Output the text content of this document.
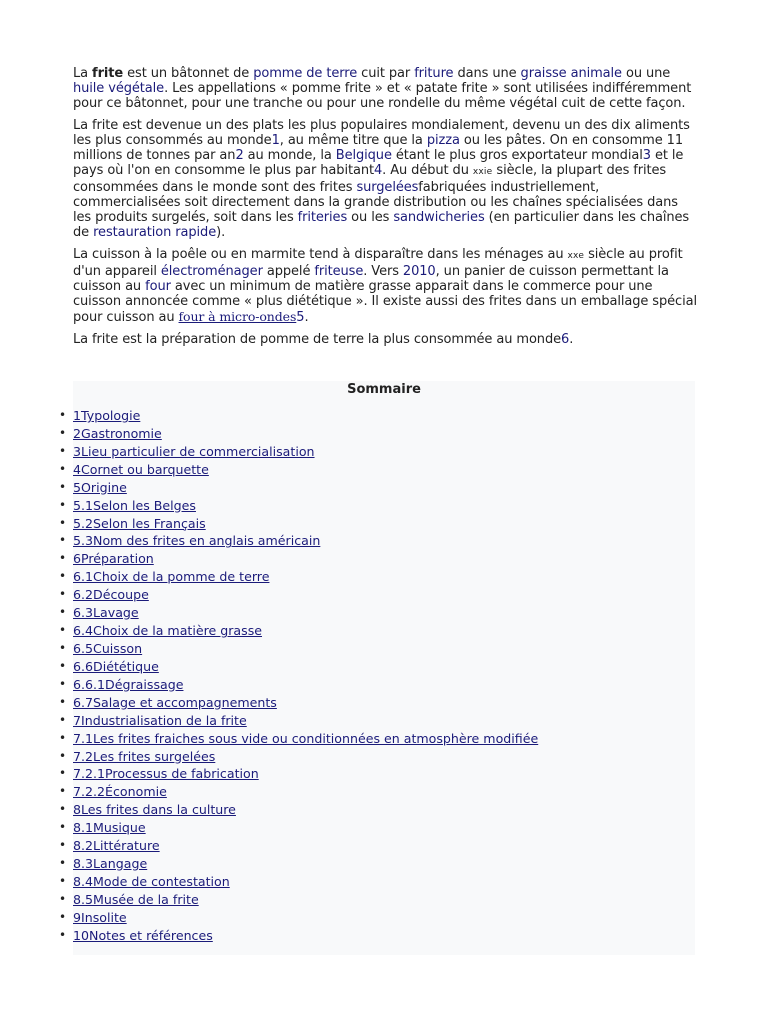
La frite est un bâtonnet de pomme de terre cuit par friture dans une graisse animale ou une huile végétale. Les appellations « pomme frite » et « patate frite » sont utilisées indifféremment pour ce bâtonnet, pour une tranche ou pour une rondelle du même végétal cuit de cette façon.

La frite est devenue un des plats les plus populaires mondialement, devenu un des dix aliments les plus consommés au monde1, au même titre que la pizza ou les pâtes. On en consomme 11 millions de tonnes par an2 au monde, la Belgique étant le plus gros exportateur mondial3 et le pays où l'on en consomme le plus par habitant4. Au début du xxie siècle, la plupart des frites consommées dans le monde sont des frites surgeléesfabriquées industriellement, commercialisées soit directement dans la grande distribution ou les chaînes spécialisées dans les produits surgelés, soit dans les friteries ou les sandwicheries (en particulier dans les chaînes de restauration rapide).

La cuisson à la poêle ou en marmite tend à disparaître dans les ménages au xxe siècle au profit d'un appareil électroménager appelé friteuse. Vers 2010, un panier de cuisson permettant la cuisson au four avec un minimum de matière grasse apparait dans le commerce pour une cuisson annoncée comme « plus diététique ». Il existe aussi des frites dans un emballage spécial pour cuisson au four à micro-ondes5.

La frite est la préparation de pomme de terre la plus consommée au monde6.

Sommaire
• 1Typologie
• 2Gastronomie
• 3Lieu particulier de commercialisation
• 4Cornet ou barquette
• 5Origine
• 5.1Selon les Belges
• 5.2Selon les Français
• 5.3Nom des frites en anglais américain
• 6Préparation
• 6.1Choix de la pomme de terre
• 6.2Découpe
• 6.3Lavage
• 6.4Choix de la matière grasse
• 6.5Cuisson
• 6.6Diététique
• 6.6.1Dégraissage
• 6.7Salage et accompagnements
• 7Industrialisation de la frite
• 7.1Les frites fraiches sous vide ou conditionnées en atmosphère modifiée
• 7.2Les frites surgelées
• 7.2.1Processus de fabrication
• 7.2.2Économie
• 8Les frites dans la culture
• 8.1Musique
• 8.2Littérature
• 8.3Langage
• 8.4Mode de contestation
• 8.5Musée de la frite
• 9Insolite
• 10Notes et références
